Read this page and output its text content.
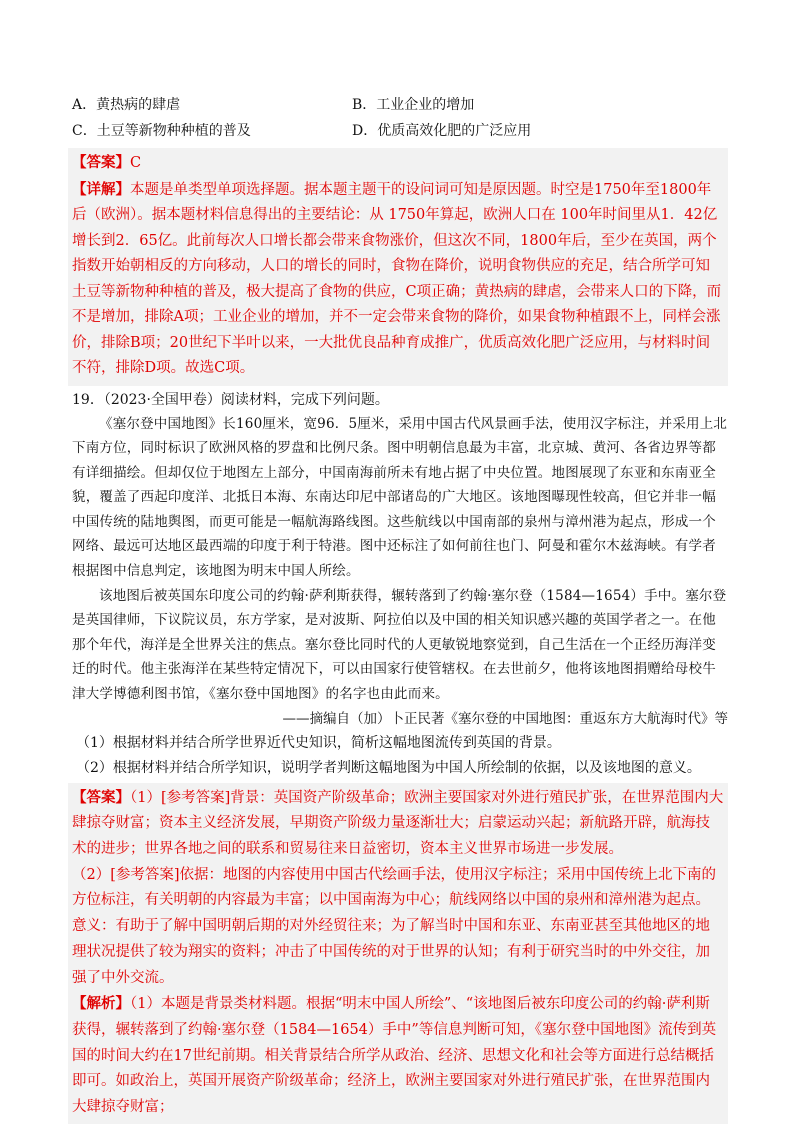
A．黄热病的肆虐	B．工业企业的增加
C．土豆等新物种种植的普及	D．优质高效化肥的广泛应用

【答案】C

【详解】本题是单类型单项选择题。据本题主题干的设问词可知是原因题。时空是1750年至1800年后（欧洲）。据本题材料信息得出的主要结论：从 1750年算起，欧洲人口在 100年时间里从1．42亿增长到2．65亿。此前每次人口增长都会带来食物涨价，但这次不同，1800年后，至少在英国，两个指数开始朝相反的方向移动，人口的增长的同时，食物在降价，说明食物供应的充足，结合所学可知土豆等新物种种植的普及，极大提高了食物的供应，C项正确；黄热病的肆虐，会带来人口的下降，而不是增加，排除A项；工业企业的增加，并不一定会带来食物的降价，如果食物种植跟不上，同样会涨价，排除B项；20世纪下半叶以来，一大批优良品种育成推广，优质高效化肥广泛应用，与材料时间不符，排除D项。故选C项。

19．（2023·全国甲卷）阅读材料，完成下列问题。

《塞尔登中国地图》长160厘米，宽96．5厘米，采用中国古代风景画手法，使用汉字标注，并采用上北下南方位，同时标识了欧洲风格的罗盘和比例尺条。图中明朝信息最为丰富，北京城、黄河、各省边界等都有详细描绘。但却仅位于地图左上部分，中国南海前所未有地占据了中央位置。地图展现了东亚和东南亚全貌，覆盖了西起印度洋、北抵日本海、东南达印尼中部诸岛的广大地区。该地图曝现性较高，但它并非一幅中国传统的陆地舆图，而更可能是一幅航海路线图。这些航线以中国南部的泉州与漳州港为起点，形成一个网络、最远可达地区最西端的印度于利于特港。图中还标注了如何前往也门、阿曼和霍尔木兹海峡。有学者根据图中信息判定，该地图为明末中国人所绘。

该地图后被英国东印度公司的约翰·萨利斯获得，辗转落到了约翰·塞尔登（1584—1654）手中。塞尔登是英国律师，下议院议员，东方学家，是对波斯、阿拉伯以及中国的相关知识感兴趣的英国学者之一。在他那个年代，海洋是全世界关注的焦点。塞尔登比同时代的人更敏锐地察觉到，自己生活在一个正经历海洋变迁的时代。他主张海洋在某些特定情况下，可以由国家行使管辖权。在去世前夕，他将该地图捐赠给母校牛津大学博德利图书馆，《塞尔登中国地图》的名字也由此而来。

——摘编自（加）卜正民著《塞尔登的中国地图：重返东方大航海时代》等

（1）根据材料并结合所学世界近代史知识，简析这幅地图流传到英国的背景。

（2）根据材料并结合所学知识，说明学者判断这幅地图为中国人所绘制的依据，以及该地图的意义。

【答案】（1）[参考答案]背景：英国资产阶级革命；欧洲主要国家对外进行殖民扩张，在世界范围内大肆掠夺财富；资本主义经济发展，早期资产阶级力量逐渐壮大；启蒙运动兴起；新航路开辟，航海技术的进步；世界各地之间的联系和贸易往来日益密切，资本主义世界市场进一步发展。

（2）[参考答案]依据：地图的内容使用中国古代绘画手法，使用汉字标注；采用中国传统上北下南的方位标注，有关明朝的内容最为丰富；以中国南海为中心；航线网络以中国的泉州和漳州港为起点。意义：有助于了解中国明朝后期的对外经贸往来；为了解当时中国和东亚、东南亚甚至其他地区的地理状况提供了较为翔实的资料；冲击了中国传统的对于世界的认知；有利于研究当时的中外交往，加强了中外交流。

【解析】（1）本题是背景类材料题。根据“明末中国人所绘”、“该地图后被东印度公司的约翰·萨利斯获得，辗转落到了约翰·塞尔登（1584—1654）手中”等信息判断可知，《塞尔登中国地图》流传到英国的时间大约在17世纪前期。相关背景结合所学从政治、经济、思想文化和社会等方面进行总结概括即可。如政治上，英国开展资产阶级革命；经济上，欧洲主要国家对外进行殖民扩张，在世界范围内大肆掠夺财富；
